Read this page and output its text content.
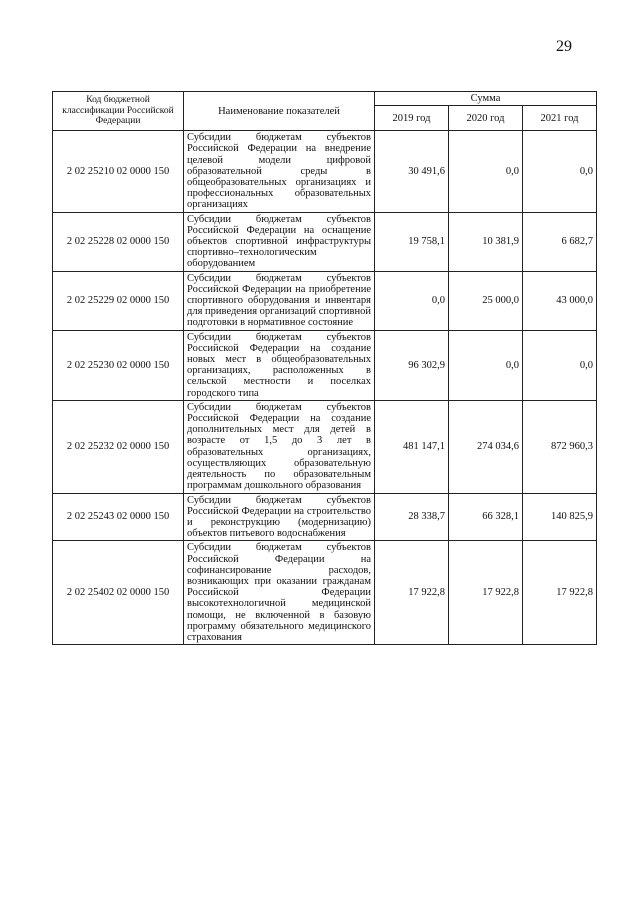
29
Код бюджетной классификации Российской Федерации	Наименование показателей	Сумма		
		2019 год	2020 год	2021 год
2 02 25210 02 0000 150	Субсидии бюджетам субъектов Российской Федерации на внедрение целевой модели цифровой образовательной среды в общеобразовательных организациях и профессиональных образовательных организациях	30 491,6	0,0	0,0
2 02 25228 02 0000 150	Субсидии бюджетам субъектов Российской Федерации на оснащение объектов спортивной инфраструктуры спортивно–технологическим оборудованием	19 758,1	10 381,9	6 682,7
2 02 25229 02 0000 150	Субсидии бюджетам субъектов Российской Федерации на приобретение спортивного оборудования и инвентаря для приведения организаций спортивной подготовки в нормативное состояние	0,0	25 000,0	43 000,0
2 02 25230 02 0000 150	Субсидии бюджетам субъектов Российской Федерации на создание новых мест в общеобразовательных организациях, расположенных в сельской местности и поселках городского типа	96 302,9	0,0	0,0
2 02 25232 02 0000 150	Субсидии бюджетам субъектов Российской Федерации на создание дополнительных мест для детей в возрасте от 1,5 до 3 лет в образовательных организациях, осуществляющих образовательную деятельность по образовательным программам дошкольного образования	481 147,1	274 034,6	872 960,3
2 02 25243 02 0000 150	Субсидии бюджетам субъектов Российской Федерации на строительство и реконструкцию (модернизацию) объектов питьевого водоснабжения	28 338,7	66 328,1	140 825,9
2 02 25402 02 0000 150	Субсидии бюджетам субъектов Российской Федерации на софинансирование расходов, возникающих при оказании гражданам Российской Федерации высокотехнологичной медицинской помощи, не включенной в базовую программу обязательного медицинского страхования	17 922,8	17 922,8	17 922,8
